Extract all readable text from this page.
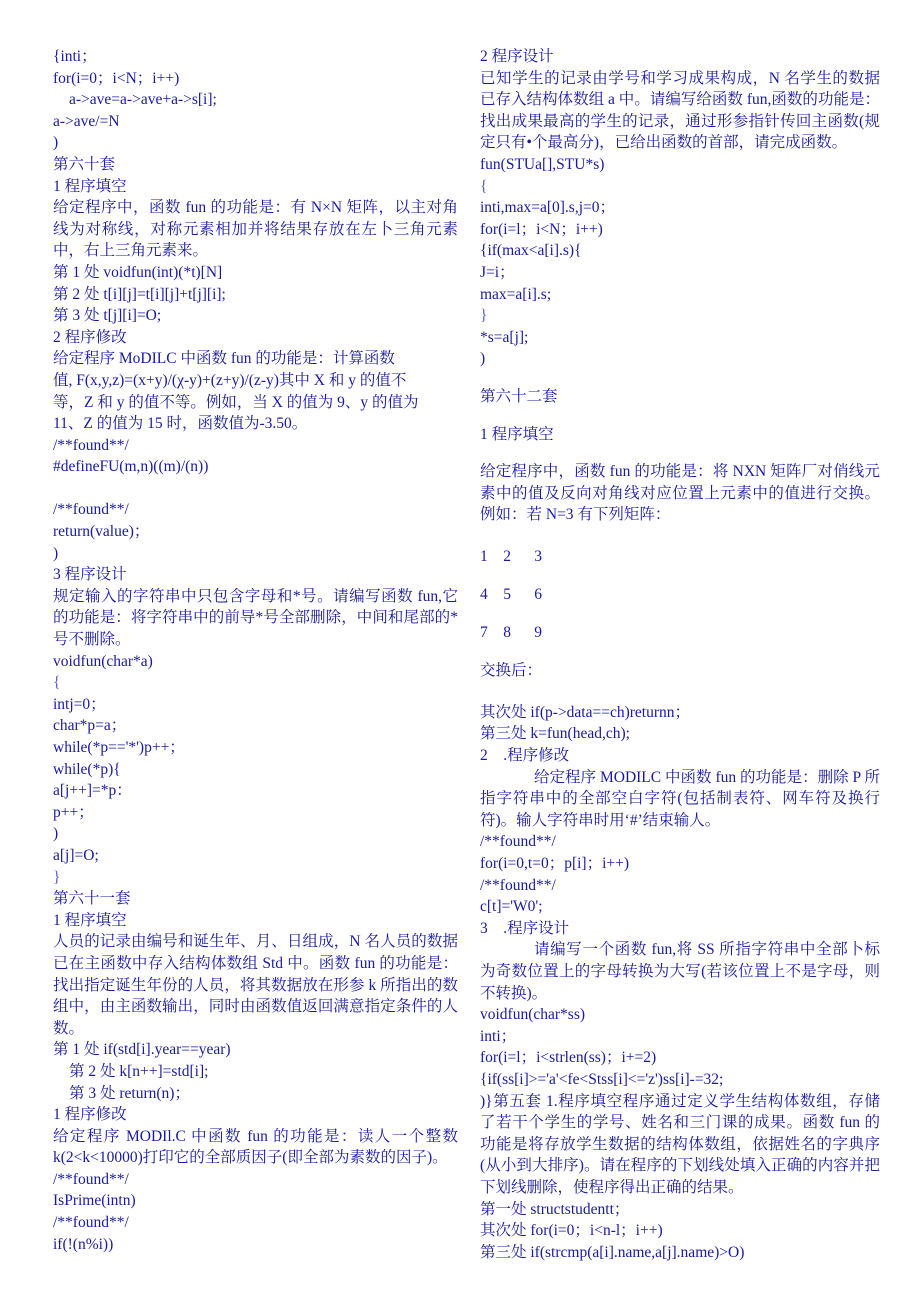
{inti；
for(i=0；i<N；i++)
a->ave=a->ave+a->s[i];
a->ave/=N
)
第六十套
1 程序填空
给定程序中，函数 fun 的功能是：有 N×N 矩阵，以主对角线为对称线，对称元素相加并将结果存放在左卜三角元素中，右上三角元素来。
第 1 处 voidfun(int)(*t)[N]
第 2 处 t[i][j]=t[i][j]+t[j][i];
第 3 处 t[j][i]=O;
2 程序修改
给定程序 MoDILC 中函数 fun 的功能是：计算函数
值, F(x,y,z)=(x+y)/(χ-y)+(z+y)/(z-y)其中 X 和 y 的值不
等，Z 和 y 的值不等。例如，当 X 的值为 9、y 的值为
11、Z 的值为 15 时，函数值为-3.50。
/**found**/
#defineFU(m,n)((m)/(n))
/**found**/
return(value)；
)
3 程序设计
规定输入的字符串中只包含字母和*号。请编写函数 fun,它的功能是：将字符串中的前导*号全部删除，中间和尾部的*号不删除。
voidfun(char*a)
{
intj=0；
char*p=a；
while(*p=='*')p++；
while(*p){
a[j++]=*p：
p++；
)
a[j]=O;
}
第六十一套
1 程序填空
人员的记录由编号和诞生年、月、日组成，N 名人员的数据已在主函数中存入结构体数组 Std 中。函数 fun 的功能是：找出指定诞生年份的人员，将其数据放在形参 k 所指出的数组中，由主函数输出，同时由函数值返回满意指定条件的人数。
第 1 处 if(std[i].year==year)
第 2 处 k[n++]=std[i];
第 3 处 return(n)；
1 程序修改
给定程序 MODIl.C 中函数 fun 的功能是：读人一个整数 k(2<k<10000)打印它的全部质因子(即全部为素数的因子)。
/**found**/
IsPrime(intn)
/**found**/
if(!(n%i))
2 程序设计
已知学生的记录由学号和学习成果构成，N 名学生的数据已存入结构体数组 a 中。请编写给函数 fun,函数的功能是：找出成果最高的学生的记录，通过形参指针传回主函数(规定只有•个最高分)，已给出函数的首部，请完成函数。
fun(STUa[],STU*s)
{
inti,max=a[0].s,j=0；
for(i=l；i<N；i++)
{if(max<a[i].s){
J=i；
max=a[i].s;
}
*s=a[j];
)
第六十二套
1 程序填空
给定程序中，函数 fun 的功能是：将 NXN 矩阵厂对俏线元素中的值及反向对角线对应位置上元素中的值进行交换。例如：若 N=3 有下列矩阵：
1    2      3
4    5      6
7    8      9
交换后：
其次处 if(p->data==ch)returnn；
第三处 k=fun(head,ch);
2    .程序修改
给定程序 MODILC 中函数 fun 的功能是：删除 P 所指字符串中的全部空白字符(包括制表符、网车符及换行符)。输人字符串时用‘#’结束输人。
/**found**/
for(i=0,t=0；p[i]；i++)
/**found**/
c[t]='W0';
3    .程序设计
请编写一个函数 fun,将 SS 所指字符串中全部卜标为奇数位置上的字母转换为大写(若该位置上不是字母，则不转换)。
voidfun(char*ss)
inti；
for(i=l；i<strlen(ss)；i+=2)
{if(ss[i]>='a'<fe<Stss[i]<='z')ss[i]-=32;
)}第五套 1.程序填空程序通过定义学生结构体数组，存储了若干个学生的学号、姓名和三门课的成果。函数 fun 的功能是将存放学生数据的结构体数组，依据姓名的字典序(从小到大排序)。请在程序的下划线处填入正确的内容并把下划线删除，使程序得出正确的结果。
第一处 structstudentt；
其次处 for(i=0；i<n-l；i++)
第三处 if(strcmp(a[i].name,a[j].name)>O)
